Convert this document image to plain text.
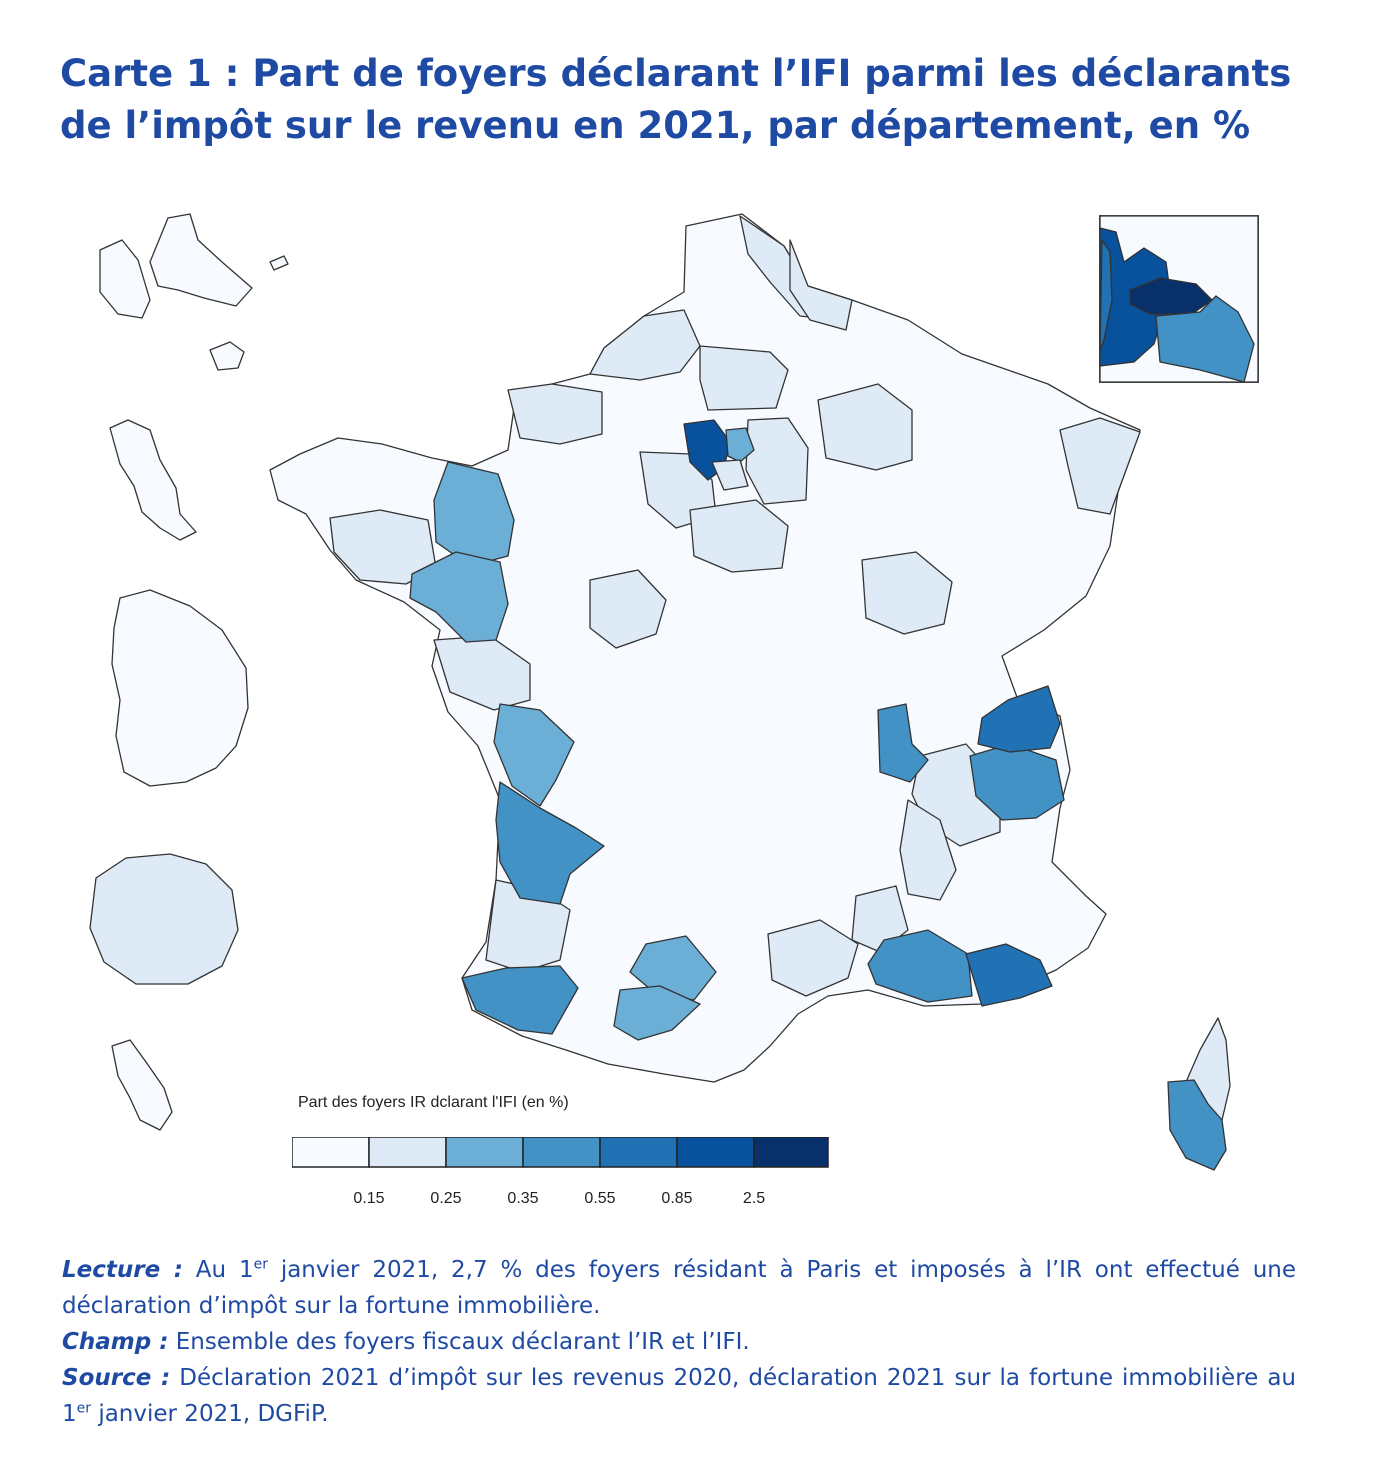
Carte 1 : Part de foyers déclarant l’IFI parmi les déclarants de l’impôt sur le revenu en 2021, par département, en %
Part des foyers IR dclarant l'IFI (en %)
0.15	0.25	0.35	0.55	0.85	2.5

Lecture : Au 1er janvier 2021, 2,7 % des foyers résidant à Paris et imposés à l’IR ont effectué une déclaration d’impôt sur la fortune immobilière.

Champ : Ensemble des foyers fiscaux déclarant l’IR et l’IFI.

Source : Déclaration 2021 d’impôt sur les revenus 2020, déclaration 2021 sur la fortune immobilière au 1er janvier 2021, DGFiP.
